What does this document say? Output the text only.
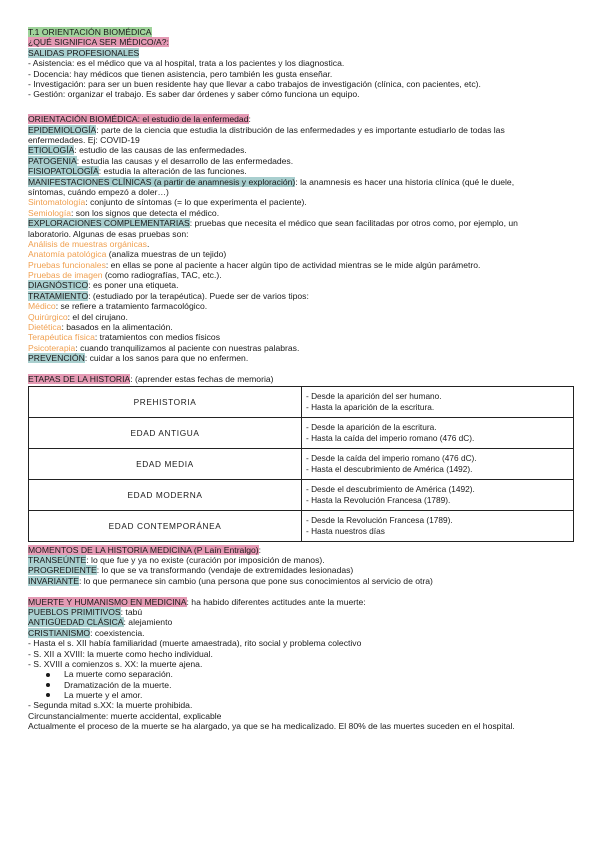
T.1 ORIENTACIÓN BIOMÉDICA
¿QUÉ SIGNIFICA SER MÉDICO/A?:
SALIDAS PROFESIONALES
- Asistencia: es el médico que va al hospital, trata a los pacientes y los diagnostica.
- Docencia: hay médicos que tienen asistencia, pero también les gusta enseñar.
- Investigación: para ser un buen residente hay que llevar a cabo trabajos de investigación (clínica, con pacientes, etc).
- Gestión: organizar el trabajo. Es saber dar órdenes y saber cómo funciona un equipo.
ORIENTACIÓN BIOMÉDICA: el estudio de la enfermedad:
EPIDEMIOLOGÍA: parte de la ciencia que estudia la distribución de las enfermedades y es importante estudiarlo de todas las
enfermedades. Ej: COVID-19
ETIOLOGÍA: estudio de las causas de las enfermedades.
PATOGENIA: estudia las causas y el desarrollo de las enfermedades.
FISIOPATOLOGÍA: estudia la alteración de las funciones.
MANIFESTACIONES CLÍNICAS (a partir de anamnesis y exploración): la anamnesis es hacer una historia clínica (qué le duele,
síntomas, cuándo empezó a doler…)
Sintomatología: conjunto de síntomas (= lo que experimenta el paciente).
Semiología: son los signos que detecta el médico.
EXPLORACIONES COMPLEMENTARIAS: pruebas que necesita el médico que sean facilitadas por otros como, por ejemplo, un
laboratorio. Algunas de esas pruebas son:
Análisis de muestras orgánicas.
Anatomía patológica (analiza muestras de un tejido)
Pruebas funcionales: en ellas se pone al paciente a hacer algún tipo de actividad mientras se le mide algún parámetro.
Pruebas de imagen (como radiografías, TAC, etc.).
DIAGNÓSTICO: es poner una etiqueta.
TRATAMIENTO: (estudiado por la terapéutica). Puede ser de varios tipos:
Médico: se refiere a tratamiento farmacológico.
Quirúrgico: el del cirujano.
Dietética: basados en la alimentación.
Terapéutica física: tratamientos con medios físicos
Psicoterapia: cuando tranquilizamos al paciente con nuestras palabras.
PREVENCIÓN: cuidar a los sanos para que no enfermen.
ETAPAS DE LA HISTORIA: (aprender estas fechas de memoria)
PREHISTORIA	- Desde la aparición del ser humano.
- Hasta la aparición de la escritura.

EDAD ANTIGUA	- Desde la aparición de la escritura.
- Hasta la caída del imperio romano (476 dC).

EDAD MEDIA	- Desde la caída del imperio romano (476 dC).
- Hasta el descubrimiento de América (1492).

EDAD MODERNA	- Desde el descubrimiento de América (1492).
- Hasta la Revolución Francesa (1789).

EDAD CONTEMPORÁNEA	- Desde la Revolución Francesa (1789).
- Hasta nuestros días
MOMENTOS DE LA HISTORIA MEDICINA (P Laín Entralgo):
TRANSEÚNTE: lo que fue y ya no existe (curación por imposición de manos).
PROGREDIENTE: lo que se va transformando (vendaje de extremidades lesionadas)
INVARIANTE: lo que permanece sin cambio (una persona que pone sus conocimientos al servicio de otra)
MUERTE Y HUMANISMO EN MEDICINA: ha habido diferentes actitudes ante la muerte:
PUEBLOS PRIMITIVOS: tabú
ANTIGÜEDAD CLÁSICA: alejamiento
CRISTIANISMO: coexistencia.
- Hasta el s. XII había familiaridad (muerte amaestrada), rito social y problema colectivo
- S. XII a XVIII: la muerte como hecho individual.
- S. XVIII a comienzos s. XX: la muerte ajena.
La muerte como separación.
Dramatización de la muerte.
La muerte y el amor.
- Segunda mitad s.XX: la muerte prohibida.
Circunstancialmente: muerte accidental, explicable
Actualmente el proceso de la muerte se ha alargado, ya que se ha medicalizado. El 80% de las muertes suceden en el hospital.
